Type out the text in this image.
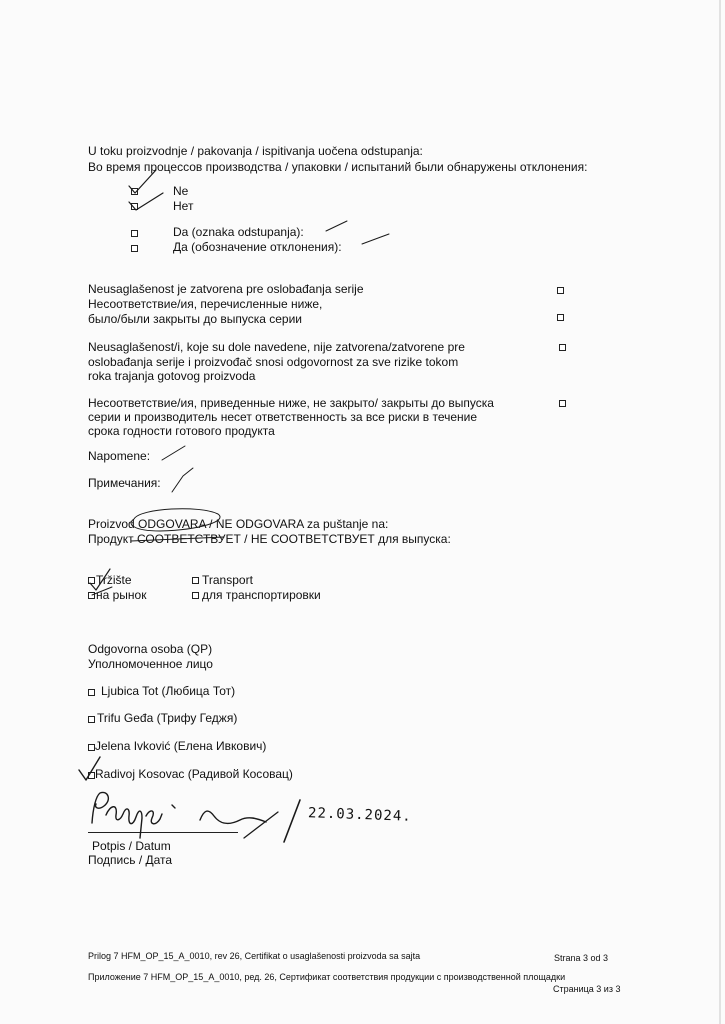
U toku proizvodnje / pakovanja / ispitivanja uočena odstupanja:
Во время процессов производства / упаковки / испытаний были обнаружены отклонения:
Ne
Нет
Da (oznaka odstupanja):
Да (обозначение отклонения):
Neusaglašenost je zatvorena pre oslobađanja serije
Несоответствие/ия, перечисленные ниже,
было/были закрыты до выпуска серии
Neusaglašenost/i, koje su dole navedene, nije zatvorena/zatvorene pre
oslobađanja serije i proizvođač snosi odgovornost za sve rizike tokom
roka trajanja gotovog proizvoda
Несоответствие/ия, приведенные ниже, не закрыто/ закрыты до выпуска
серии и производитель несет ответственность за все риски в течение
срока годности готового продукта
Napomene:
Примечания:
Proizvod ODGOVARA / NE ODGOVARA za puštanje na:
Продукт СООТВЕТСТВУЕТ / НЕ СООТВЕТСТВУЕТ для выпуска:
Tržište
на рынок
Transport
для транспортировки
Odgovorna osoba (QP)
Уполномоченное лицо
Ljubica Tot (Любица Тот)
Trifu Geđa (Трифу Геджя)
Jelena Ivković (Елена Ивкович)
Radivoj Kosovac (Радивой Косовац)
22.03.2024.
Potpis / Datum
Подпись / Дата
Prilog 7 HFM_OP_15_A_0010, rev 26, Certifikat o usaglašenosti proizvoda sa sajta	Strana 3 od 3
Приложение 7 HFM_OP_15_A_0010, ред. 26, Сертификат соответствия продукции с производственной площадки
Страница 3 из 3
